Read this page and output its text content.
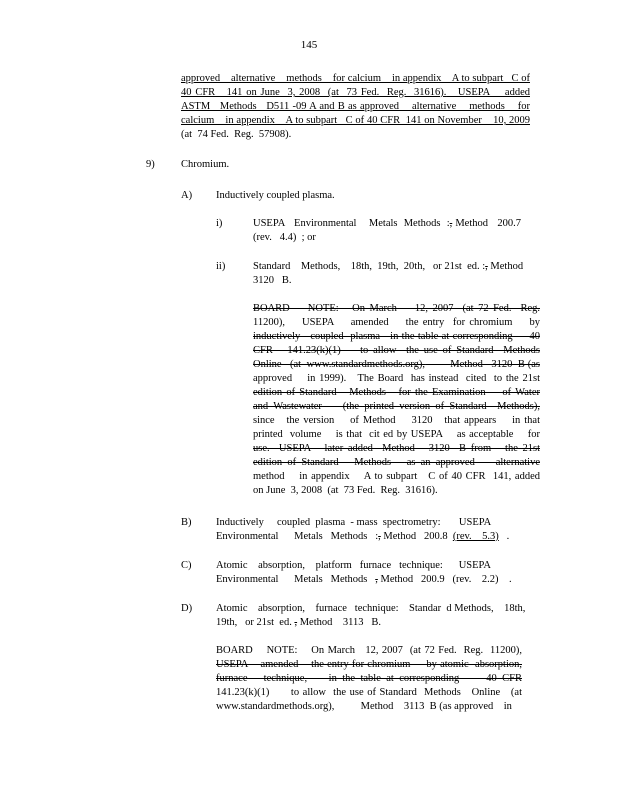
145
approved    alternative    methods    for calcium    in appendix    A to subpart   C of
40 CFR   141 on June  3, 2008  (at  73 Fed.  Reg.  31616).   USEPA    added
ASTM   Methods   D511 -09 A and B as approved    alternative    methods    for
calcium    in appendix    A to subpart   C of 40 CFR  141 on November    10, 2009
(at  74 Fed.  Reg.  57908).
9)	Chromium.
A) Inductively coupled plasma.
i)	USEPA   Environmental    Metals  Methods  :, Method   200.7
(rev.   4.4)  ; or
ii)	Standard    Methods,    18th,  19th,  20th,   or 21st  ed. :, Method
3120   B.
BOARD    NOTE:   On March    12, 2007  (at 72 Fed.  Reg.
11200),    USEPA    amended    the entry  for chromium    by
inductively   coupled  plasma   in the table at corresponding     40
CFR   141.23(k)(1)    to allow  the use of Standard  Methods
Online   (at  www.standardmethods.org),         Method   3120  B (as
approved    in 1999).   The Board  has instead  cited  to the 21st
edition of Standard   Methods   for the Examination    of Water
and Wastewater    (the printed version of Standard  Methods),
since   the version    of Method    3120   that appears    in that
printed  volume    is that  cit ed by USEPA    as acceptable    for
use.  USEPA   later added  Method   3120  B from   the 21st
edition of Standard   Methods   as an approved    alternative
method    in appendix    A to subpart   C of 40 CFR  141, added
on June  3, 2008  (at  73 Fed.  Reg.  31616).
B) Inductively     coupled  plasma  - mass  spectrometry:       USEPA
Environmental      Metals   Methods   :, Method   200.8  (rev.    5.3)   .
C) Atomic    absorption,    platform   furnace   technique:      USEPA
Environmental      Metals   Methods   , Method   200.9   (rev.    2.2)    .
D) Atomic    absorption,    furnace   technique:    Standar  d Methods,    18th,
19th,   or 21st  ed. , Method    3113   B.
BOARD    NOTE:    On March   12, 2007  (at 72 Fed.  Reg.  11200),
USEPA    amended    the entry for chromium     by atomic  absorption,
furnace   technique,    in the table at corresponding     40 CFR
141.23(k)(1)      to allow  the use of Standard  Methods   Online   (at
www.standardmethods.org),          Method    3113  B (as approved    in
